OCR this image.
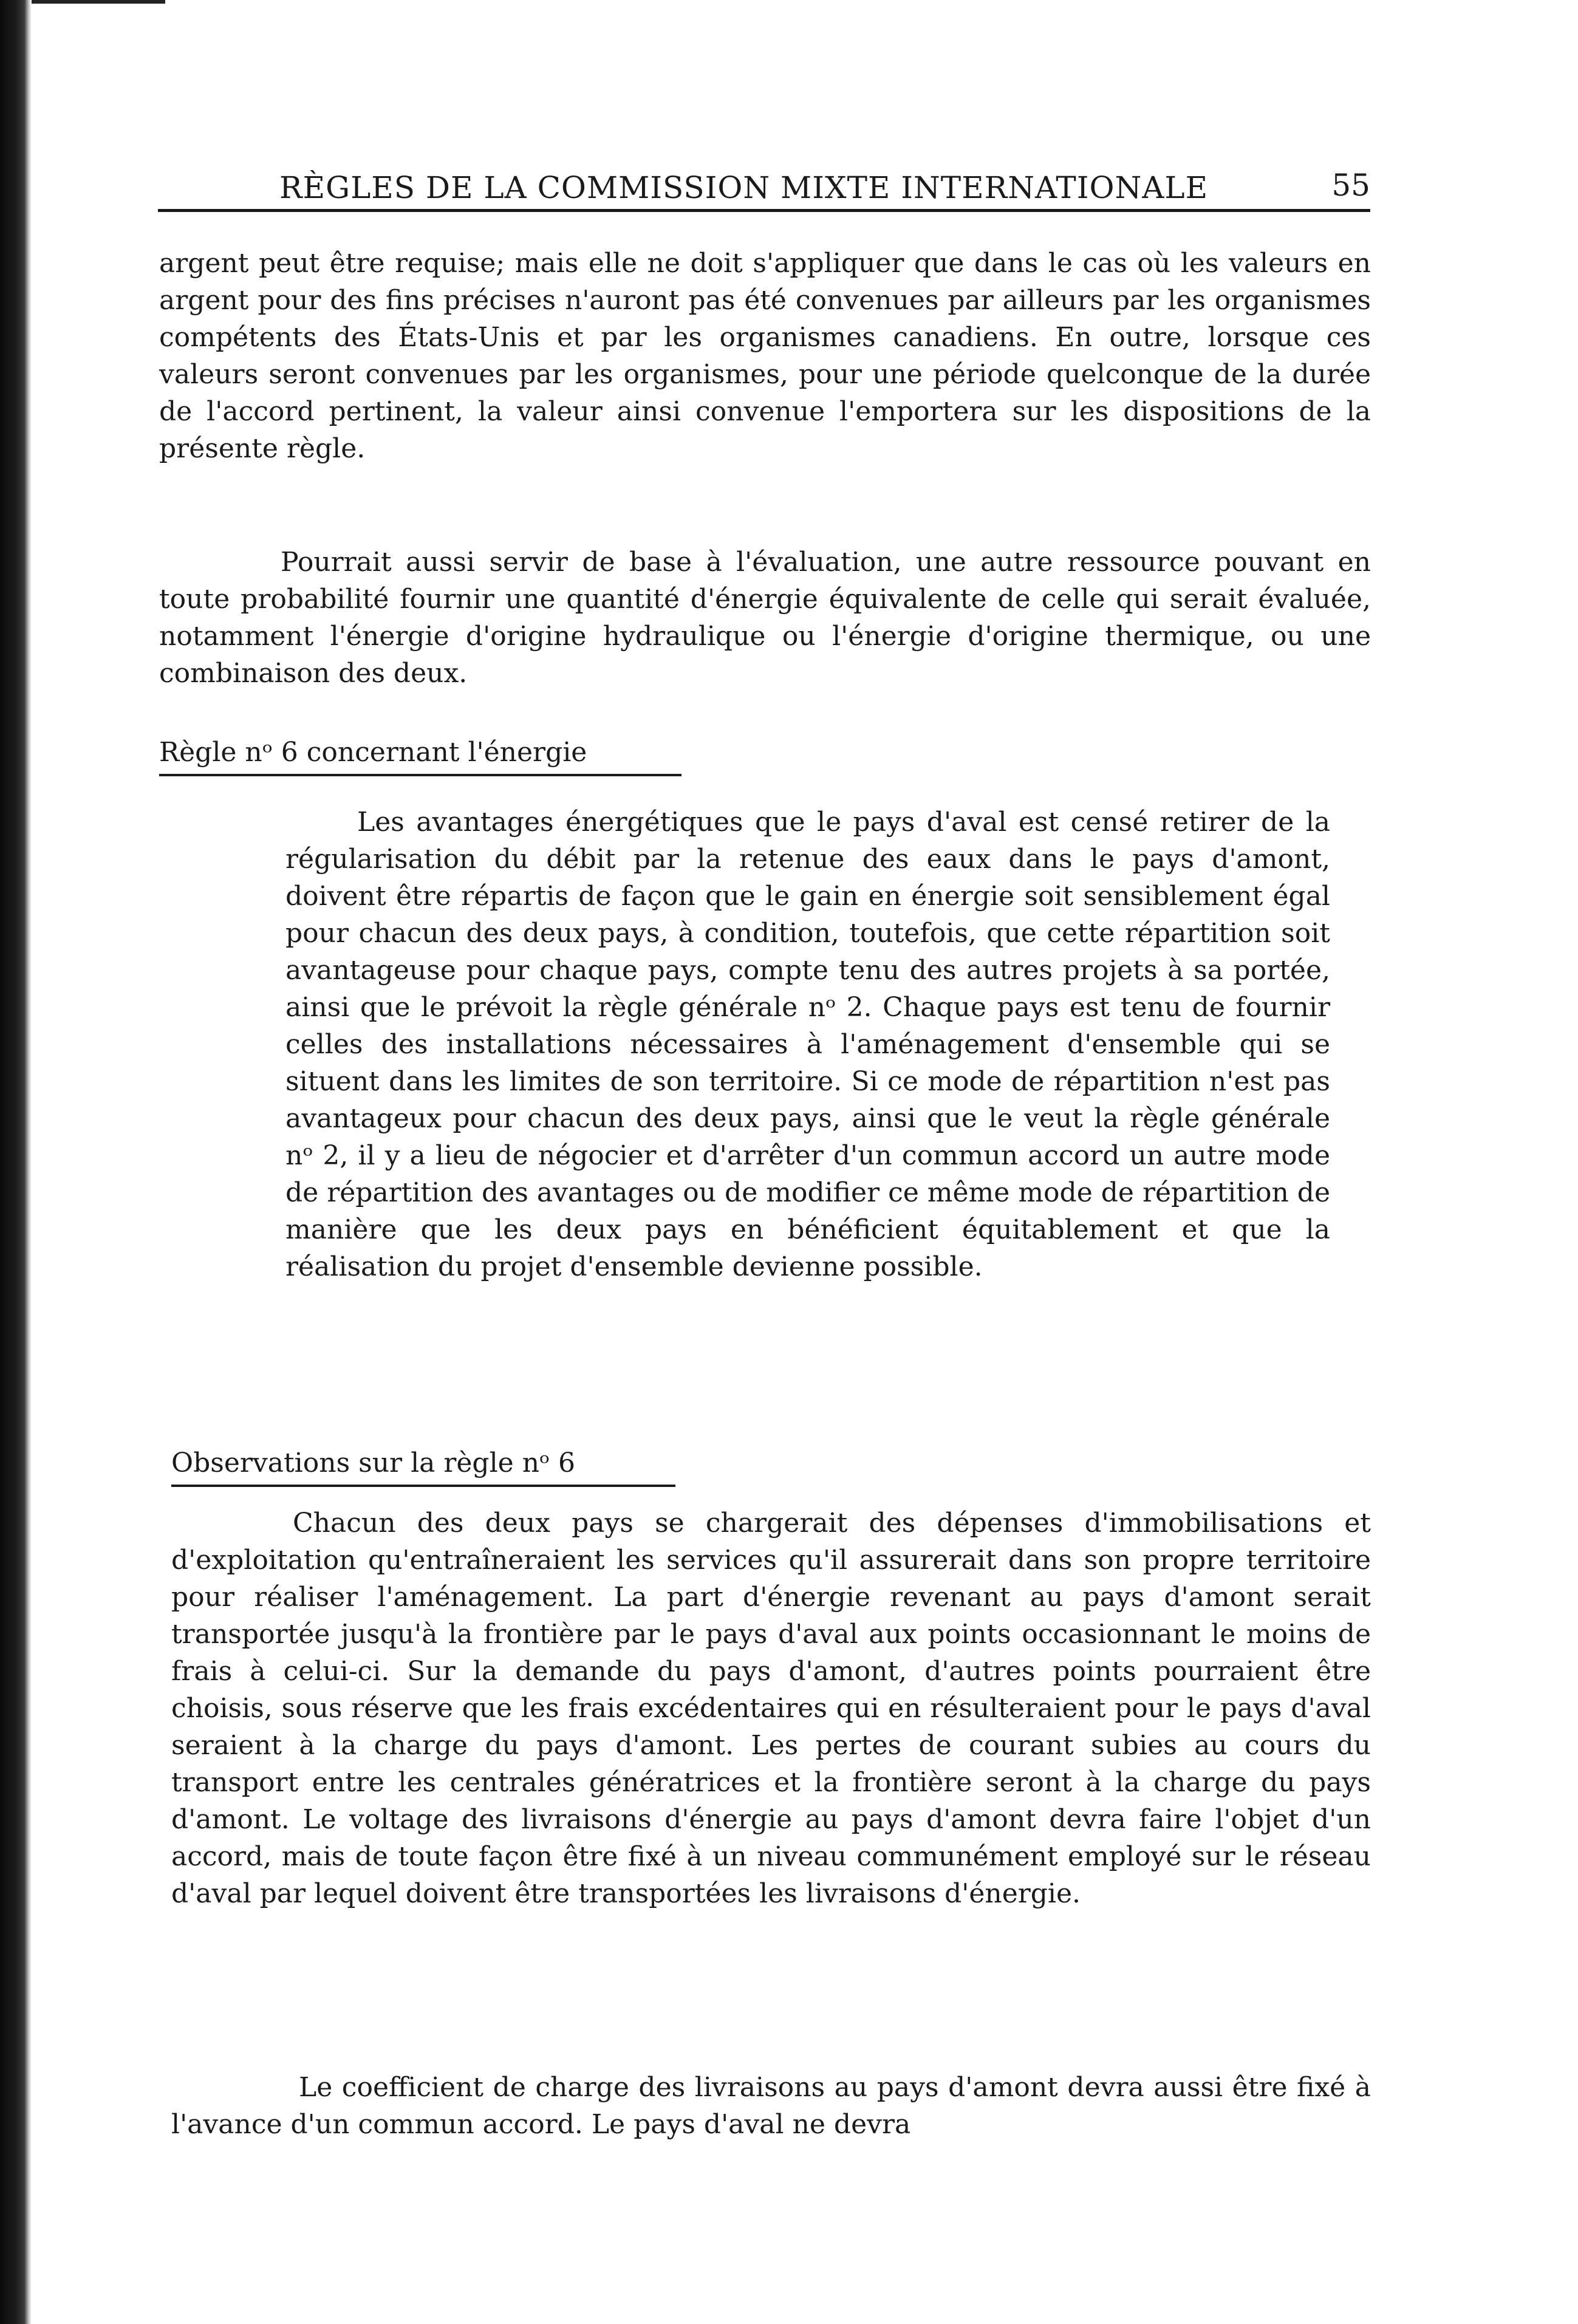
RÈGLES DE LA COMMISSION MIXTE INTERNATIONALE	55

argent peut être requise; mais elle ne doit s'appliquer que dans le cas où les valeurs en argent pour des fins précises n'auront pas été convenues par ailleurs par les organismes compétents des États-Unis et par les organismes canadiens. En outre, lorsque ces valeurs seront convenues par les organismes, pour une période quelconque de la durée de l'accord pertinent, la valeur ainsi convenue l'emportera sur les dispositions de la présente règle.

Pourrait aussi servir de base à l'évaluation, une autre ressource pouvant en toute probabilité fournir une quantité d'énergie équivalente de celle qui serait évaluée, notamment l'énergie d'origine hydraulique ou l'énergie d'origine thermique, ou une combinaison des deux.

Règle nᵒ 6 concernant l'énergie

Les avantages énergétiques que le pays d'aval est censé retirer de la régularisation du débit par la retenue des eaux dans le pays d'amont, doivent être répartis de façon que le gain en énergie soit sensiblement égal pour chacun des deux pays, à condition, toutefois, que cette répartition soit avantageuse pour chaque pays, compte tenu des autres projets à sa portée, ainsi que le prévoit la règle générale nᵒ 2. Chaque pays est tenu de fournir celles des installations nécessaires à l'aménagement d'ensemble qui se situent dans les limites de son territoire. Si ce mode de répartition n'est pas avantageux pour chacun des deux pays, ainsi que le veut la règle générale nᵒ 2, il y a lieu de négocier et d'arrêter d'un commun accord un autre mode de répartition des avantages ou de modifier ce même mode de répartition de manière que les deux pays en bénéficient équitablement et que la réalisation du projet d'ensemble devienne possible.

Observations sur la règle nᵒ 6

Chacun des deux pays se chargerait des dépenses d'immobilisations et d'exploitation qu'entraîneraient les services qu'il assurerait dans son propre territoire pour réaliser l'aménagement. La part d'énergie revenant au pays d'amont serait transportée jusqu'à la frontière par le pays d'aval aux points occasionnant le moins de frais à celui-ci. Sur la demande du pays d'amont, d'autres points pourraient être choisis, sous réserve que les frais excédentaires qui en résulteraient pour le pays d'aval seraient à la charge du pays d'amont. Les pertes de courant subies au cours du transport entre les centrales génératrices et la frontière seront à la charge du pays d'amont. Le voltage des livraisons d'énergie au pays d'amont devra faire l'objet d'un accord, mais de toute façon être fixé à un niveau communément employé sur le réseau d'aval par lequel doivent être transportées les livraisons d'énergie.

Le coefficient de charge des livraisons au pays d'amont devra aussi être fixé à l'avance d'un commun accord. Le pays d'aval ne devra
